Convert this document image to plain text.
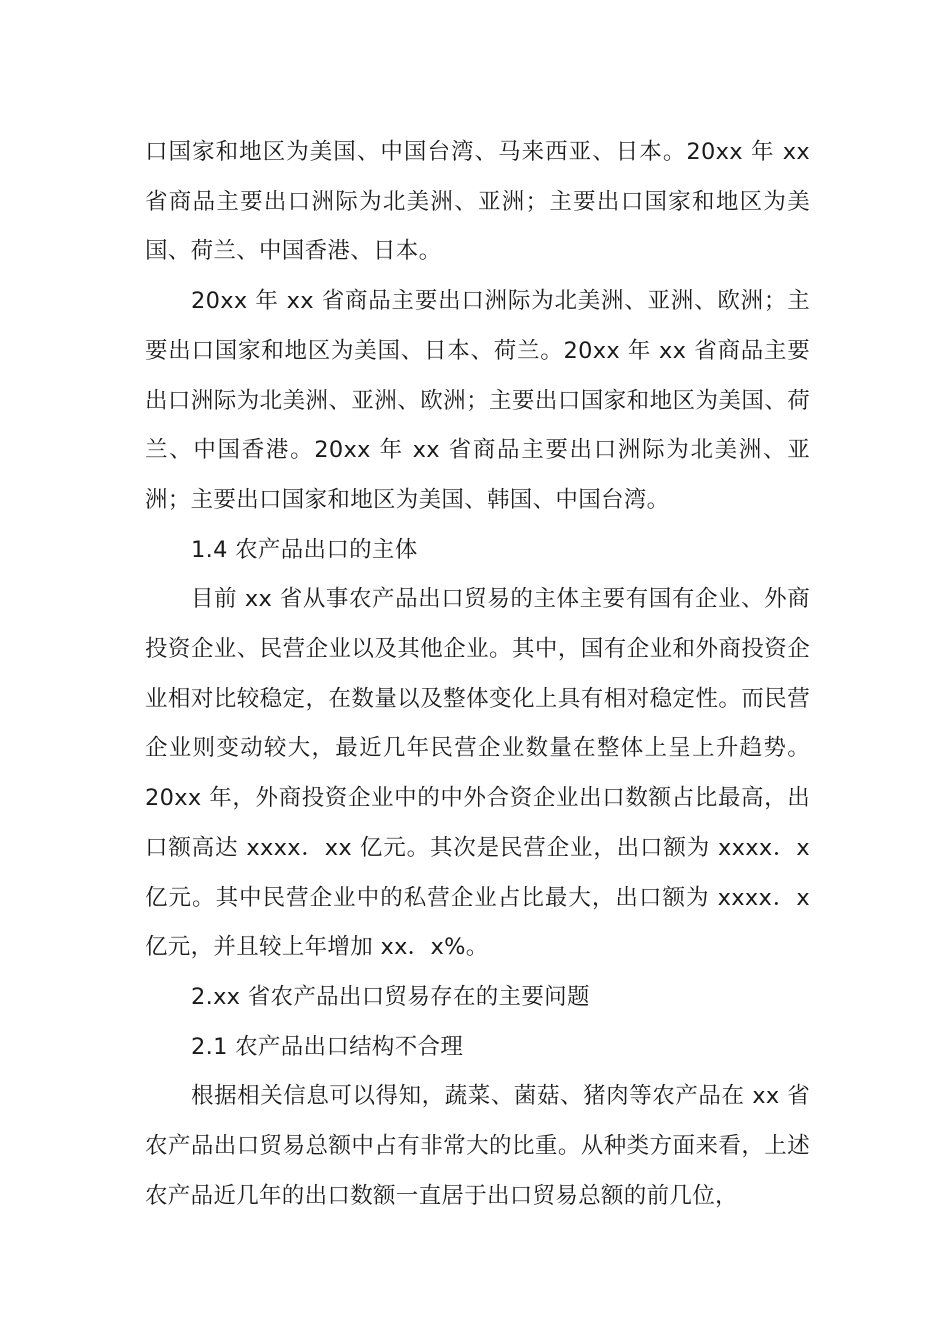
口国家和地区为美国、中国台湾、马来西亚、日本。20xx 年 xx 省商品主要出口洲际为北美洲、亚洲；主要出口国家和地区为美国、荷兰、中国香港、日本。

20xx 年 xx 省商品主要出口洲际为北美洲、亚洲、欧洲；主要出口国家和地区为美国、日本、荷兰。20xx 年 xx 省商品主要出口洲际为北美洲、亚洲、欧洲；主要出口国家和地区为美国、荷兰、中国香港。20xx 年 xx 省商品主要出口洲际为北美洲、亚洲；主要出口国家和地区为美国、韩国、中国台湾。

1.4 农产品出口的主体

目前 xx 省从事农产品出口贸易的主体主要有国有企业、外商投资企业、民营企业以及其他企业。其中，国有企业和外商投资企业相对比较稳定，在数量以及整体变化上具有相对稳定性。而民营企业则变动较大，最近几年民营企业数量在整体上呈上升趋势。20xx 年，外商投资企业中的中外合资企业出口数额占比最高，出口额高达 xxxx．xx 亿元。其次是民营企业，出口额为 xxxx．x 亿元。其中民营企业中的私营企业占比最大，出口额为 xxxx．x 亿元，并且较上年增加 xx．x%。

2.xx 省农产品出口贸易存在的主要问题

2.1 农产品出口结构不合理

根据相关信息可以得知，蔬菜、菌菇、猪肉等农产品在 xx 省农产品出口贸易总额中占有非常大的比重。从种类方面来看，上述农产品近几年的出口数额一直居于出口贸易总额的前几位，
